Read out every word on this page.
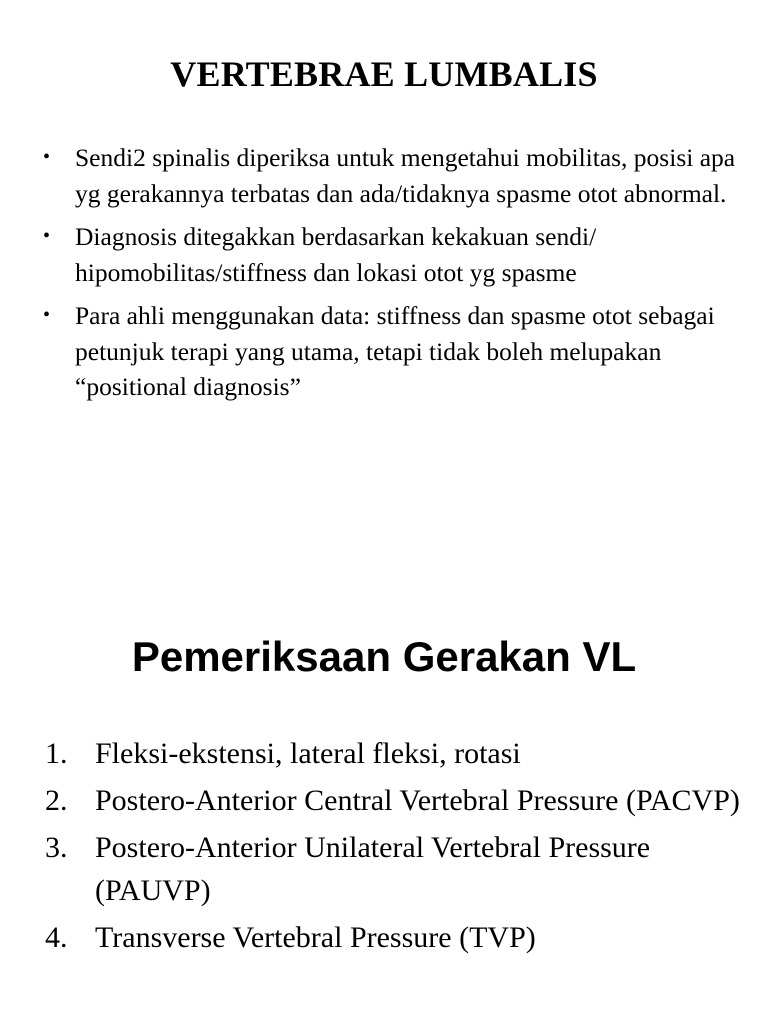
VERTEBRAE LUMBALIS
• Sendi2 spinalis diperiksa untuk mengetahui mobilitas, posisi apa yg gerakannya terbatas dan ada/tidaknya spasme otot abnormal.
• Diagnosis ditegakkan berdasarkan kekakuan sendi/ hipomobilitas/stiffness dan lokasi otot yg spasme
• Para ahli menggunakan data: stiffness dan spasme otot sebagai petunjuk terapi yang utama, tetapi tidak boleh melupakan “positional diagnosis”
Pemeriksaan Gerakan VL
1. Fleksi-ekstensi, lateral fleksi, rotasi
2. Postero-Anterior Central Vertebral Pressure (PACVP)
3. Postero-Anterior Unilateral Vertebral Pressure (PAUVP)
4. Transverse Vertebral Pressure (TVP)
